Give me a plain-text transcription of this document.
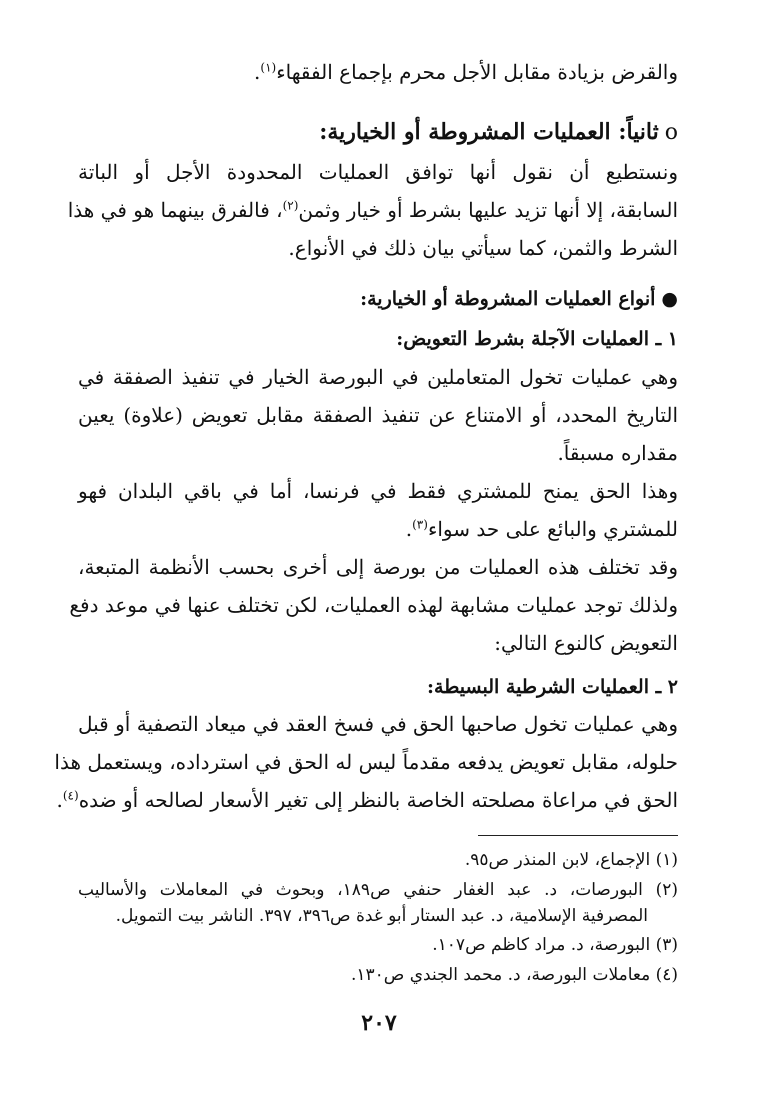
والقرض بزيادة مقابل الأجل محرم بإجماع الفقهاء$^{(١)}$.
oثانياً: العمليات المشروطة أو الخيارية:
ونستطيع أن نقول أنها توافق العمليات المحدودة الأجل أو الباتة
السابقة، إلا أنها تزيد عليها بشرط أو خيار وثمن$^{(٢)}$، فالفرق بينهما هو في هذا
الشرط والثمن، كما سيأتي بيان ذلك في الأنواع.
●أنواع العمليات المشروطة أو الخيارية:
١ ـ العمليات الآجلة بشرط التعويض:
وهي عمليات تخول المتعاملين في البورصة الخيار في تنفيذ الصفقة في
التاريخ المحدد، أو الامتناع عن تنفيذ الصفقة مقابل تعويض (علاوة) يعين
مقداره مسبقاً.
وهذا الحق يمنح للمشتري فقط في فرنسا، أما في باقي البلدان فهو
للمشتري والبائع على حد سواء$^{(٣)}$.
وقد تختلف هذه العمليات من بورصة إلى أخرى بحسب الأنظمة المتبعة،
ولذلك توجد عمليات مشابهة لهذه العمليات، لكن تختلف عنها في موعد دفع
التعويض كالنوع التالي:
٢ ـ العمليات الشرطية البسيطة:
وهي عمليات تخول صاحبها الحق في فسخ العقد في ميعاد التصفية أو قبل
حلوله، مقابل تعويض يدفعه مقدماً ليس له الحق في استرداده، ويستعمل هذا
الحق في مراعاة مصلحته الخاصة بالنظر إلى تغير الأسعار لصالحه أو ضده$^{(٤)}$.
(١) الإجماع، لابن المنذر ص٩٥.
(٢) البورصات، د. عبد الغفار حنفي ص١٨٩، وبحوث في المعاملات والأساليب
المصرفية الإسلامية، د. عبد الستار أبو غدة ص٣٩٦، ٣٩٧. الناشر بيت التمويل.
(٣) البورصة، د. مراد كاظم ص١٠٧.
(٤) معاملات البورصة، د. محمد الجندي ص١٣٠.
٢٠٧
